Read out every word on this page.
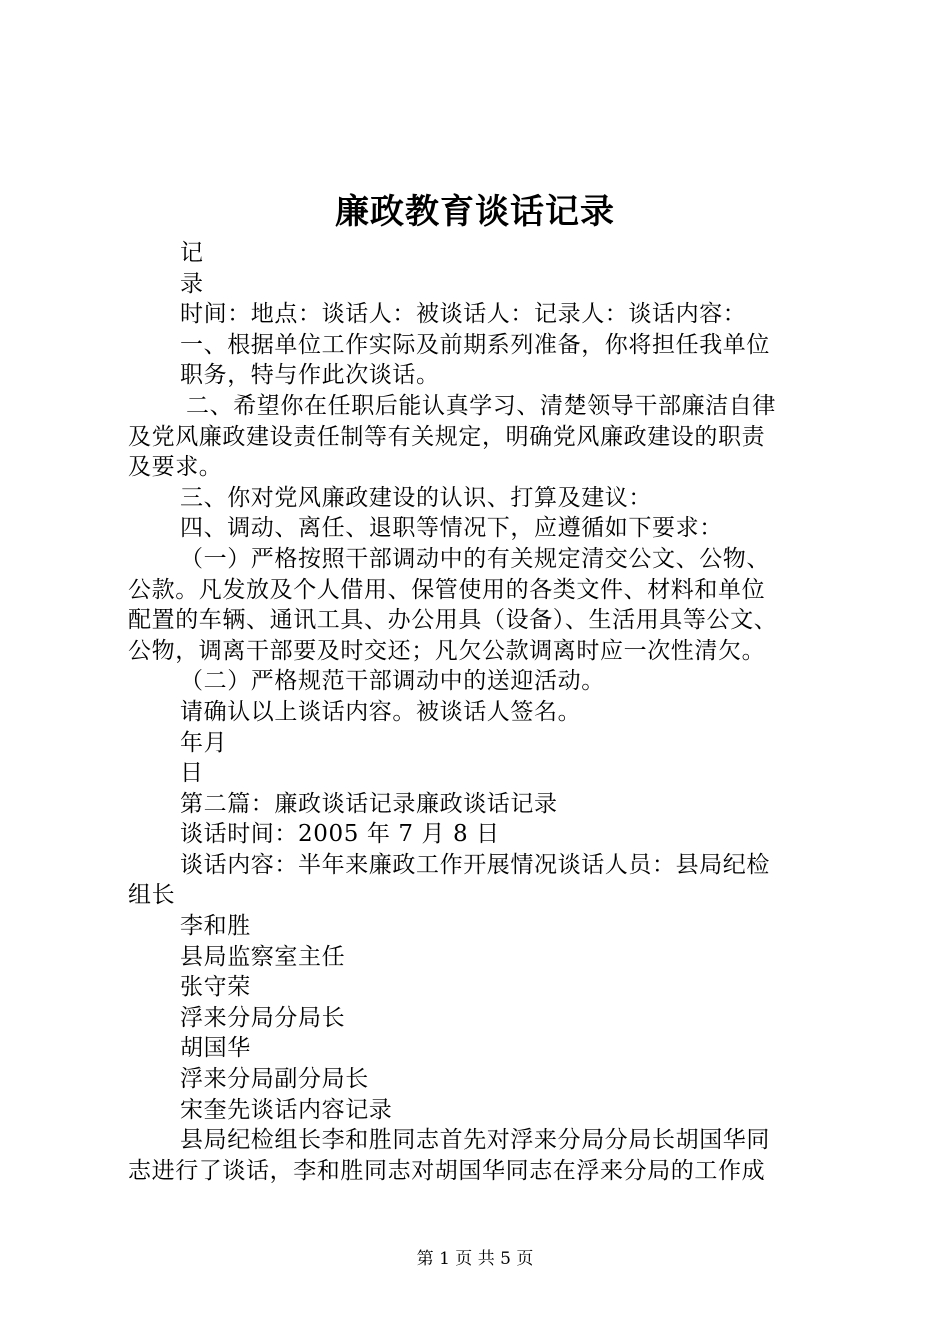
廉政教育谈话记录
记
录
时间：地点：谈话人：被谈话人：记录人：谈话内容：
一、根据单位工作实际及前期系列准备，你将担任我单位
职务，特与作此次谈话。
二、希望你在任职后能认真学习、清楚领导干部廉洁自律
及党风廉政建设责任制等有关规定，明确党风廉政建设的职责
及要求。
三、你对党风廉政建设的认识、打算及建议：
四、调动、离任、退职等情况下，应遵循如下要求：
（一）严格按照干部调动中的有关规定清交公文、公物、
公款。凡发放及个人借用、保管使用的各类文件、材料和单位
配置的车辆、通讯工具、办公用具（设备）、生活用具等公文、
公物，调离干部要及时交还；凡欠公款调离时应一次性清欠。
（二）严格规范干部调动中的送迎活动。
请确认以上谈话内容。被谈话人签名。
年月
日
第二篇：廉政谈话记录廉政谈话记录
谈话时间：2005 年 7 月 8 日
谈话内容：半年来廉政工作开展情况谈话人员：县局纪检
组长
李和胜
县局监察室主任
张守荣
浮来分局分局长
胡国华
浮来分局副分局长
宋奎先谈话内容记录
县局纪检组长李和胜同志首先对浮来分局分局长胡国华同
志进行了谈话，李和胜同志对胡国华同志在浮来分局的工作成
第 1 页 共 5 页
